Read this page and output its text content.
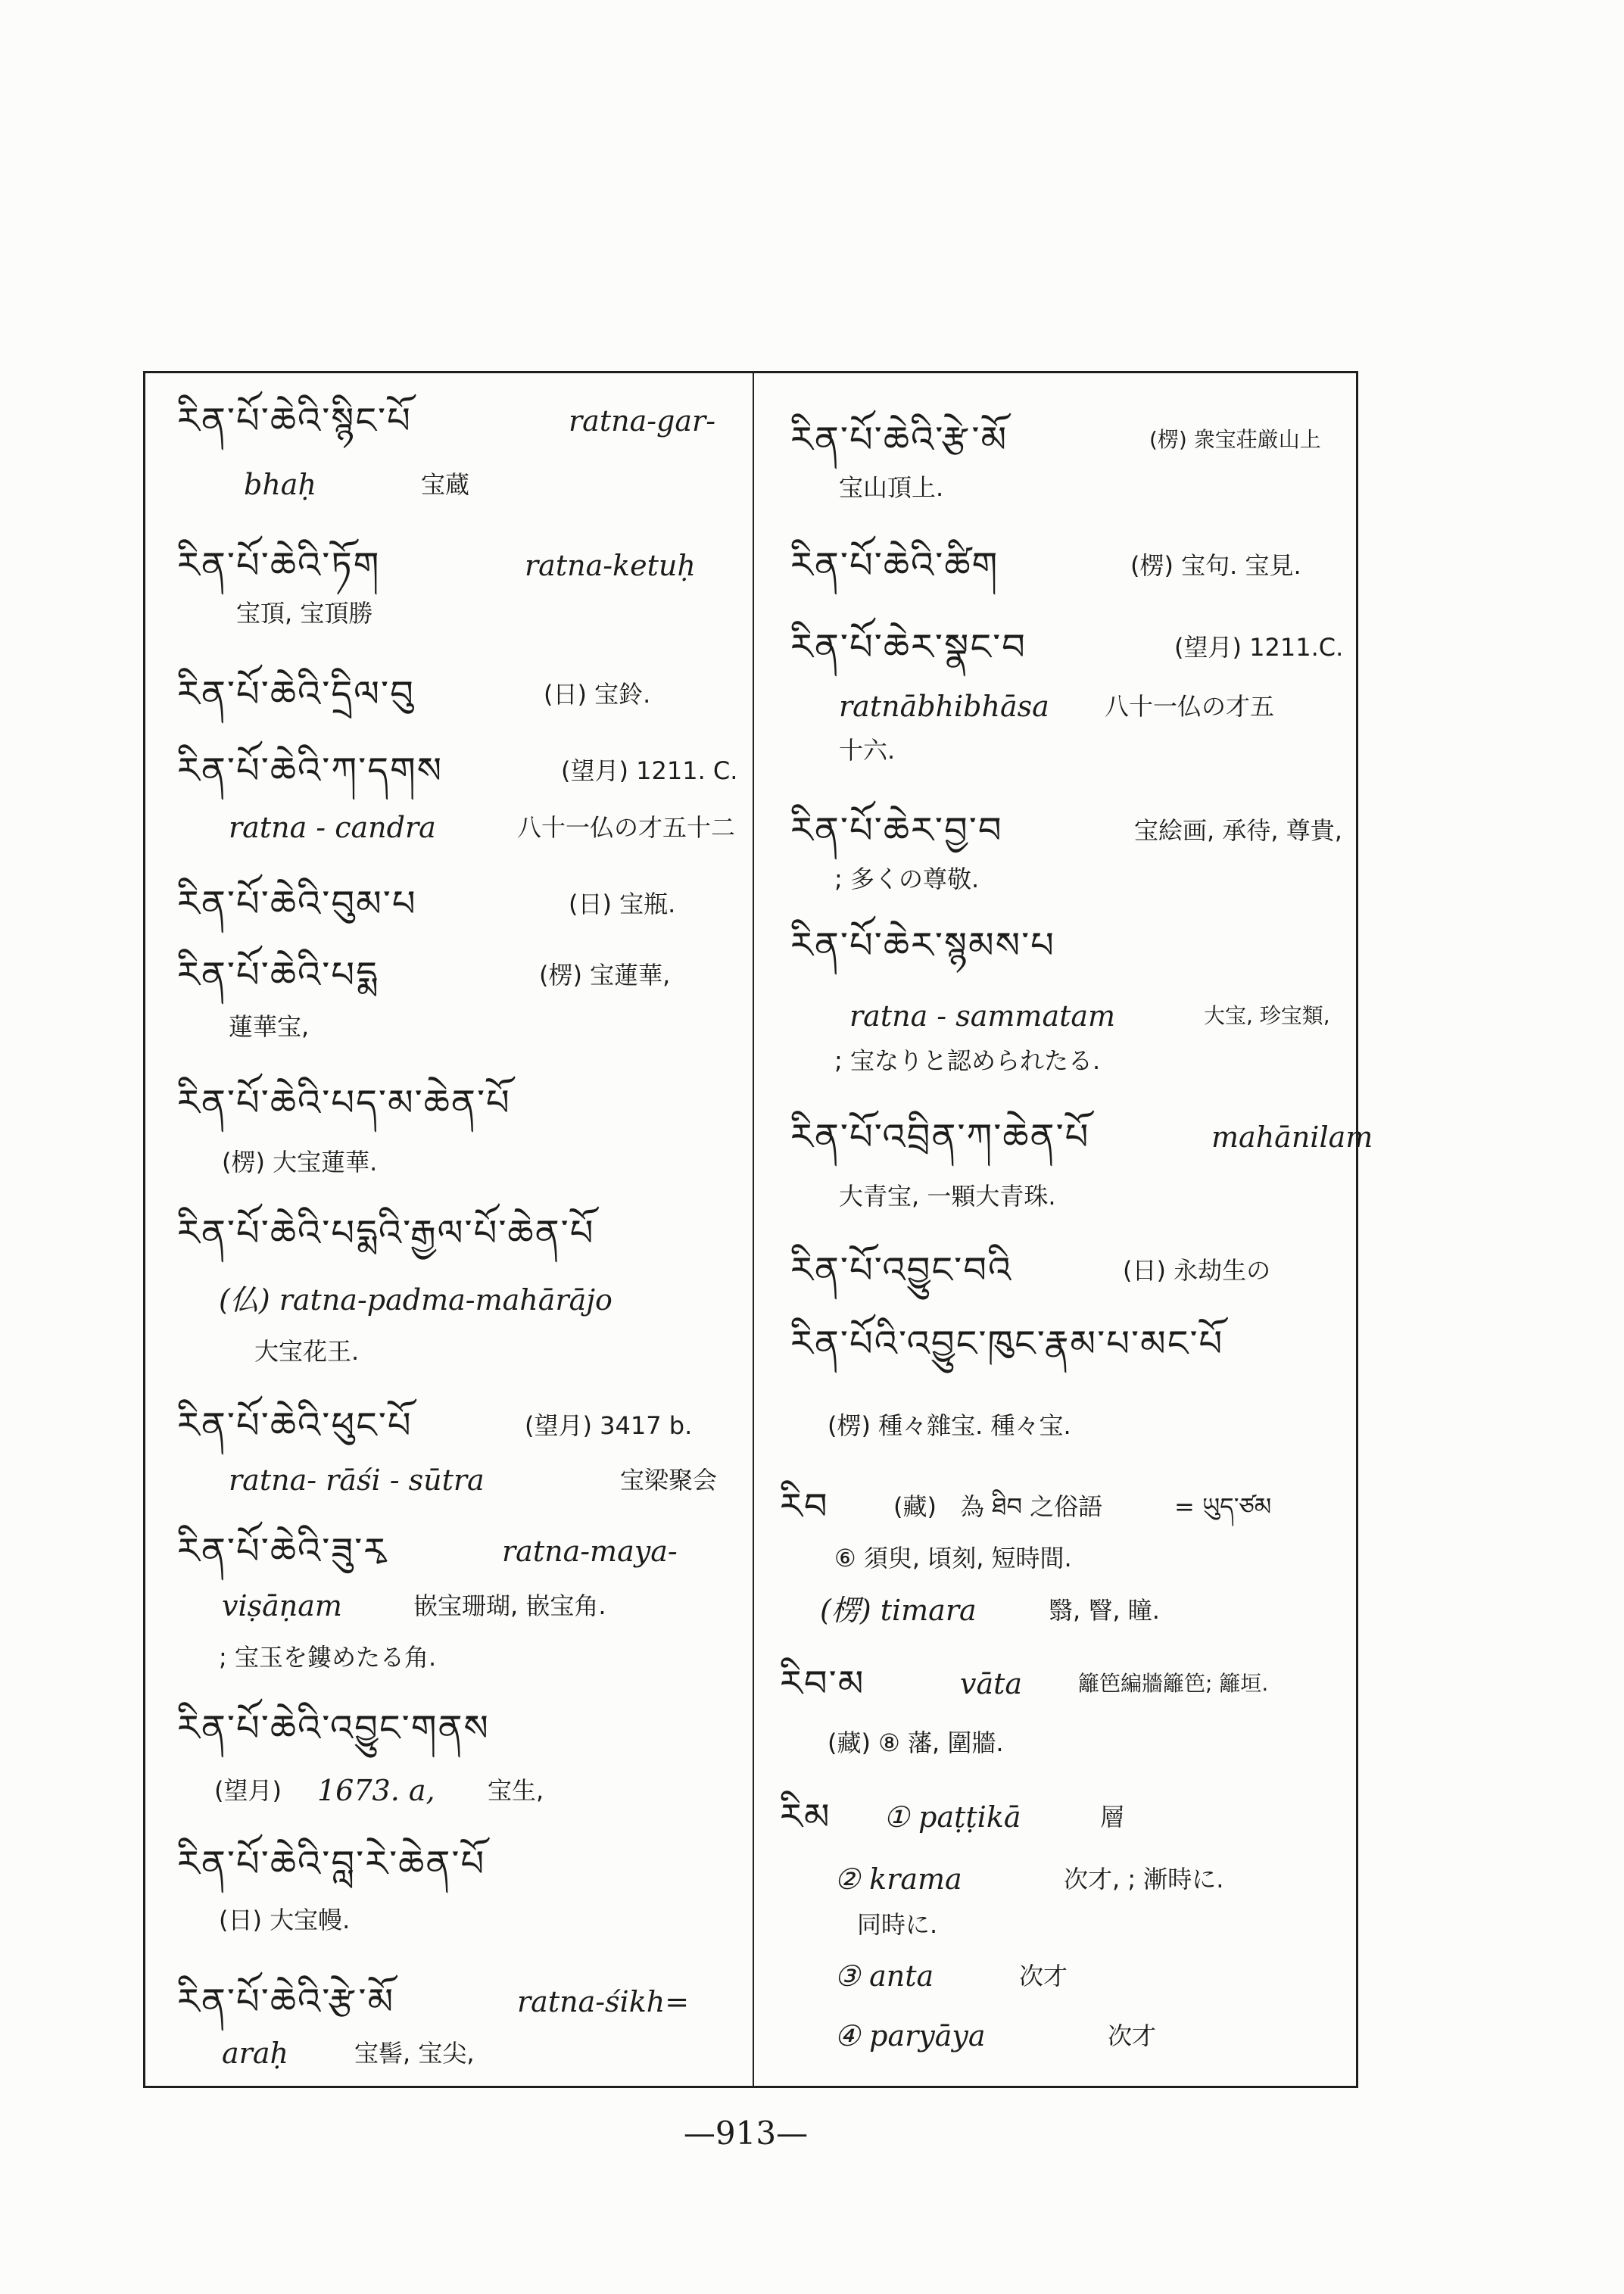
རིན་པོ་ཆེའི་སྙིང་པོ	ratna-gar-
bhaḥ	宝蔵
རིན་པོ་ཆེའི་ཏོག	ratna-ketuḥ
宝頂, 宝頂勝
རིན་པོ་ཆེའི་དྲིལ་བུ	(日) 宝鈴.
རིན་པོ་ཆེའི་ཀ་དགས	(望月) 1211. C.
ratna - candra	八十一仏の才五十二
རིན་པོ་ཆེའི་བུམ་པ	(日) 宝瓶.
རིན་པོ་ཆེའི་པདྨ	(楞) 宝蓮華,
蓮華宝,
རིན་པོ་ཆེའི་པད་མ་ཆེན་པོ
(楞) 大宝蓮華.
རིན་པོ་ཆེའི་པདྨའི་རྒྱལ་པོ་ཆེན་པོ
(仏) ratna-padma-mahārājo
大宝花王.
རིན་པོ་ཆེའི་ཕུང་པོ	(望月) 3417 b.
ratna- rāśi - sūtra	宝梁聚会
རིན་པོ་ཆེའི་ཟུ་རྭ	ratna-maya-
viṣāṇam	嵌宝珊瑚, 嵌宝角.
; 宝玉を鏤めたる角.
རིན་པོ་ཆེའི་འབྱུང་གནས
(望月) 1673. a, 宝生,
རིན་པོ་ཆེའི་བླ་རེ་ཆེན་པོ
(日) 大宝幔.
རིན་པོ་ཆེའི་རྩེ་མོ	ratna-śikh=
araḥ	宝髻, 宝尖,
རིན་པོ་ཆེའི་རྩེ་མོ	(楞) 衆宝荘厳山上
宝山頂上.
རིན་པོ་ཆེའི་ཚིག	(楞) 宝句. 宝見.
རིན་པོ་ཆེར་སྣང་བ	(望月) 1211.C.
ratnābhibhāsa 八十一仏の才五
十六.
རིན་པོ་ཆེར་བྱ་བ	宝絵画, 承待, 尊貴,
; 多くの尊敬.
རིན་པོ་ཆེར་སྙམས་པ
ratna - sammatam	大宝, 珍宝類,
; 宝なりと認められたる.
རིན་པོ་འབྲིན་ཀ་ཆེན་པོ	mahānilam
大青宝, 一顆大青珠.
རིན་པོ་འབྱུང་བའི	(日) 永劫生の
རིན་པོའི་འབྱུང་ཁུང་རྣམ་པ་མང་པོ
(楞) 種々雜宝. 種々宝.
རིབ	(藏) 為 ཐིབ 之俗語	= ཡུད་ཙམ
⑥ 須臾, 頃刻, 短時間.
(楞) timara	翳, 瞖, 瞳.
རིབ་མ	vāta	籬笆編牆籬笆; 籬垣.
(藏) ⑧ 藩, 圍牆.
རིམ ① paṭṭikā	層
② krama	次才, ; 漸時に.
同時に.
③ anta	次才
④ paryāya	次才
—913—
